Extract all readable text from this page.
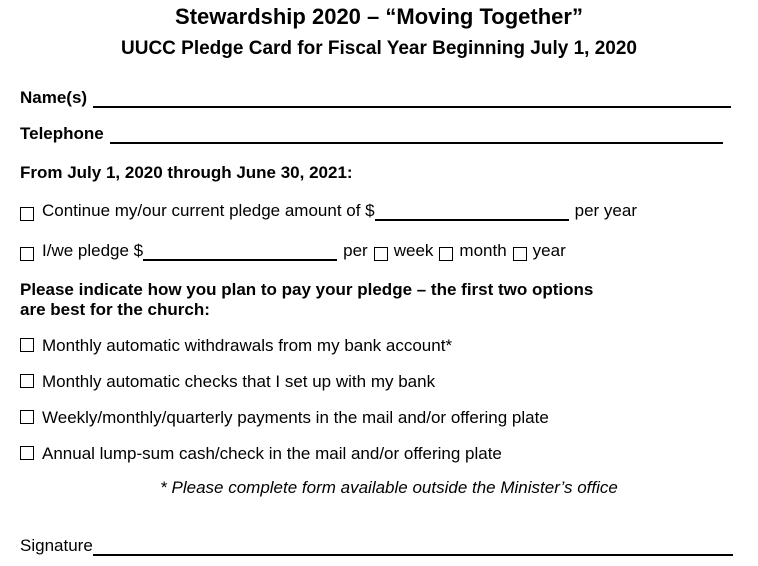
Stewardship 2020 – “Moving Together”
UUCC Pledge Card for Fiscal Year Beginning July 1, 2020
Name(s)
Telephone
From July 1, 2020 through June 30, 2021:
Continue my/our current pledge amount of $	per year
I/we pledge $	per week month year
Please indicate how you plan to pay your pledge – the first two options
are best for the church:
Monthly automatic withdrawals from my bank account*
Monthly automatic checks that I set up with my bank
Weekly/monthly/quarterly payments in the mail and/or offering plate
Annual lump-sum cash/check in the mail and/or offering plate
* Please complete form available outside the Minister’s office
Signature
